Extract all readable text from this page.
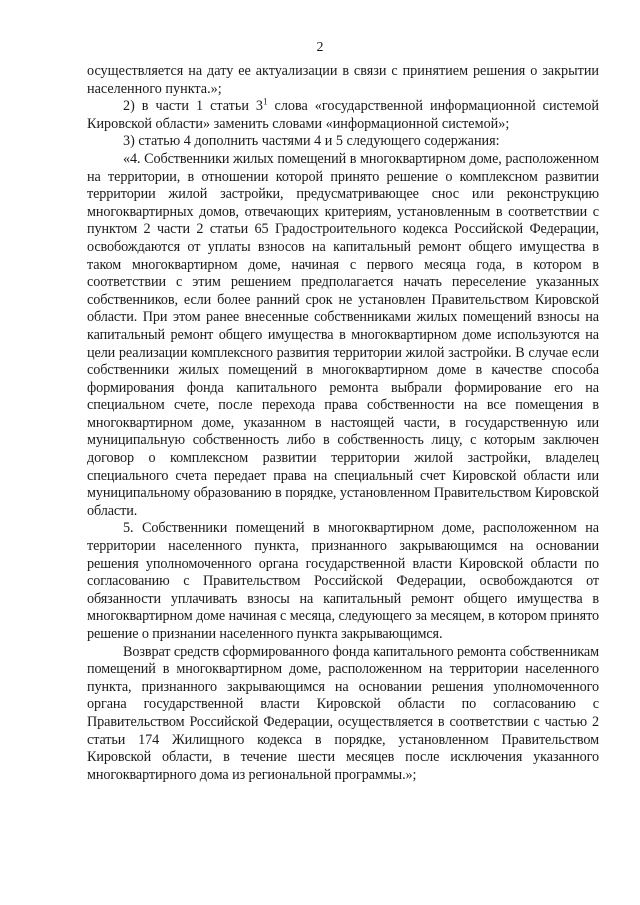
2

осуществляется на дату ее актуализации в связи с принятием решения о закрытии населенного пункта.»;

2) в части 1 статьи $3^1$ слова «государственной информационной системой Кировской области» заменить словами «информационной системой»;

3) статью 4 дополнить частями 4 и 5 следующего содержания:

«4. Собственники жилых помещений в многоквартирном доме, расположенном на территории, в отношении которой принято решение о комплексном развитии территории жилой застройки, предусматривающее снос или реконструкцию многоквартирных домов, отвечающих критериям, установленным в соответствии с пунктом 2 части 2 статьи 65 Градостроительного кодекса Российской Федерации, освобождаются от уплаты взносов на капитальный ремонт общего имущества в таком многоквартирном доме, начиная с первого месяца года, в котором в соответствии с этим решением предполагается начать переселение указанных собственников, если более ранний срок не установлен Правительством Кировской области. При этом ранее внесенные собственниками жилых помещений взносы на капитальный ремонт общего имущества в многоквартирном доме используются на цели реализации комплексного развития территории жилой застройки. В случае если собственники жилых помещений в многоквартирном доме в качестве способа формирования фонда капитального ремонта выбрали формирование его на специальном счете, после перехода права собственности на все помещения в многоквартирном доме, указанном в настоящей части, в государственную или муниципальную собственность либо в собственность лицу, с которым заключен договор о комплексном развитии территории жилой застройки, владелец специального счета передает права на специальный счет Кировской области или муниципальному образованию в порядке, установленном Правительством Кировской области.

5. Собственники помещений в многоквартирном доме, расположенном на территории населенного пункта, признанного закрывающимся на основании решения уполномоченного органа государственной власти Кировской области по согласованию с Правительством Российской Федерации, освобождаются от обязанности уплачивать взносы на капитальный ремонт общего имущества в многоквартирном доме начиная с месяца, следующего за месяцем, в котором принято решение о признании населенного пункта закрывающимся.

Возврат средств сформированного фонда капитального ремонта собственникам помещений в многоквартирном доме, расположенном на территории населенного пункта, признанного закрывающимся на основании решения уполномоченного органа государственной власти Кировской области по согласованию с Правительством Российской Федерации, осуществляется в соответствии с частью 2 статьи 174 Жилищного кодекса в порядке, установленном Правительством Кировской области, в течение шести месяцев после исключения указанного многоквартирного дома из региональной программы.»;
